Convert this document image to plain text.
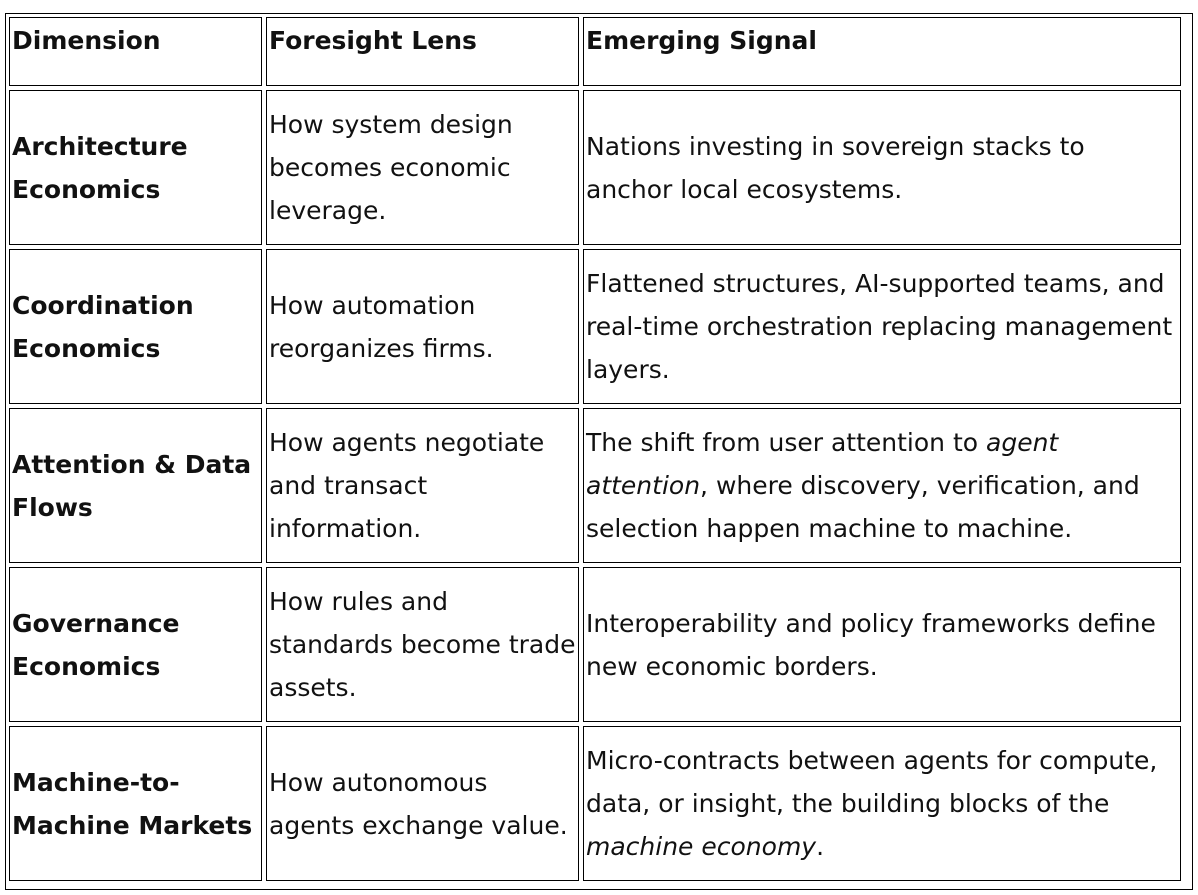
Dimension	Foresight Lens	Emerging Signal
Architecture Economics	How system design becomes economic leverage.	Nations investing in sovereign stacks to anchor local ecosystems.
Coordination Economics	How automation reorganizes firms.	Flattened structures, AI-supported teams, and real-time orchestration replacing management layers.
Attention & Data Flows	How agents negotiate and transact information.	The shift from user attention to agent attention, where discovery, verification, and selection happen machine to machine.
Governance Economics	How rules and standards become trade assets.	Interoperability and policy frameworks define new economic borders.
Machine-to-Machine Markets	How autonomous agents exchange value.	Micro-contracts between agents for compute, data, or insight, the building blocks of the machine economy.
